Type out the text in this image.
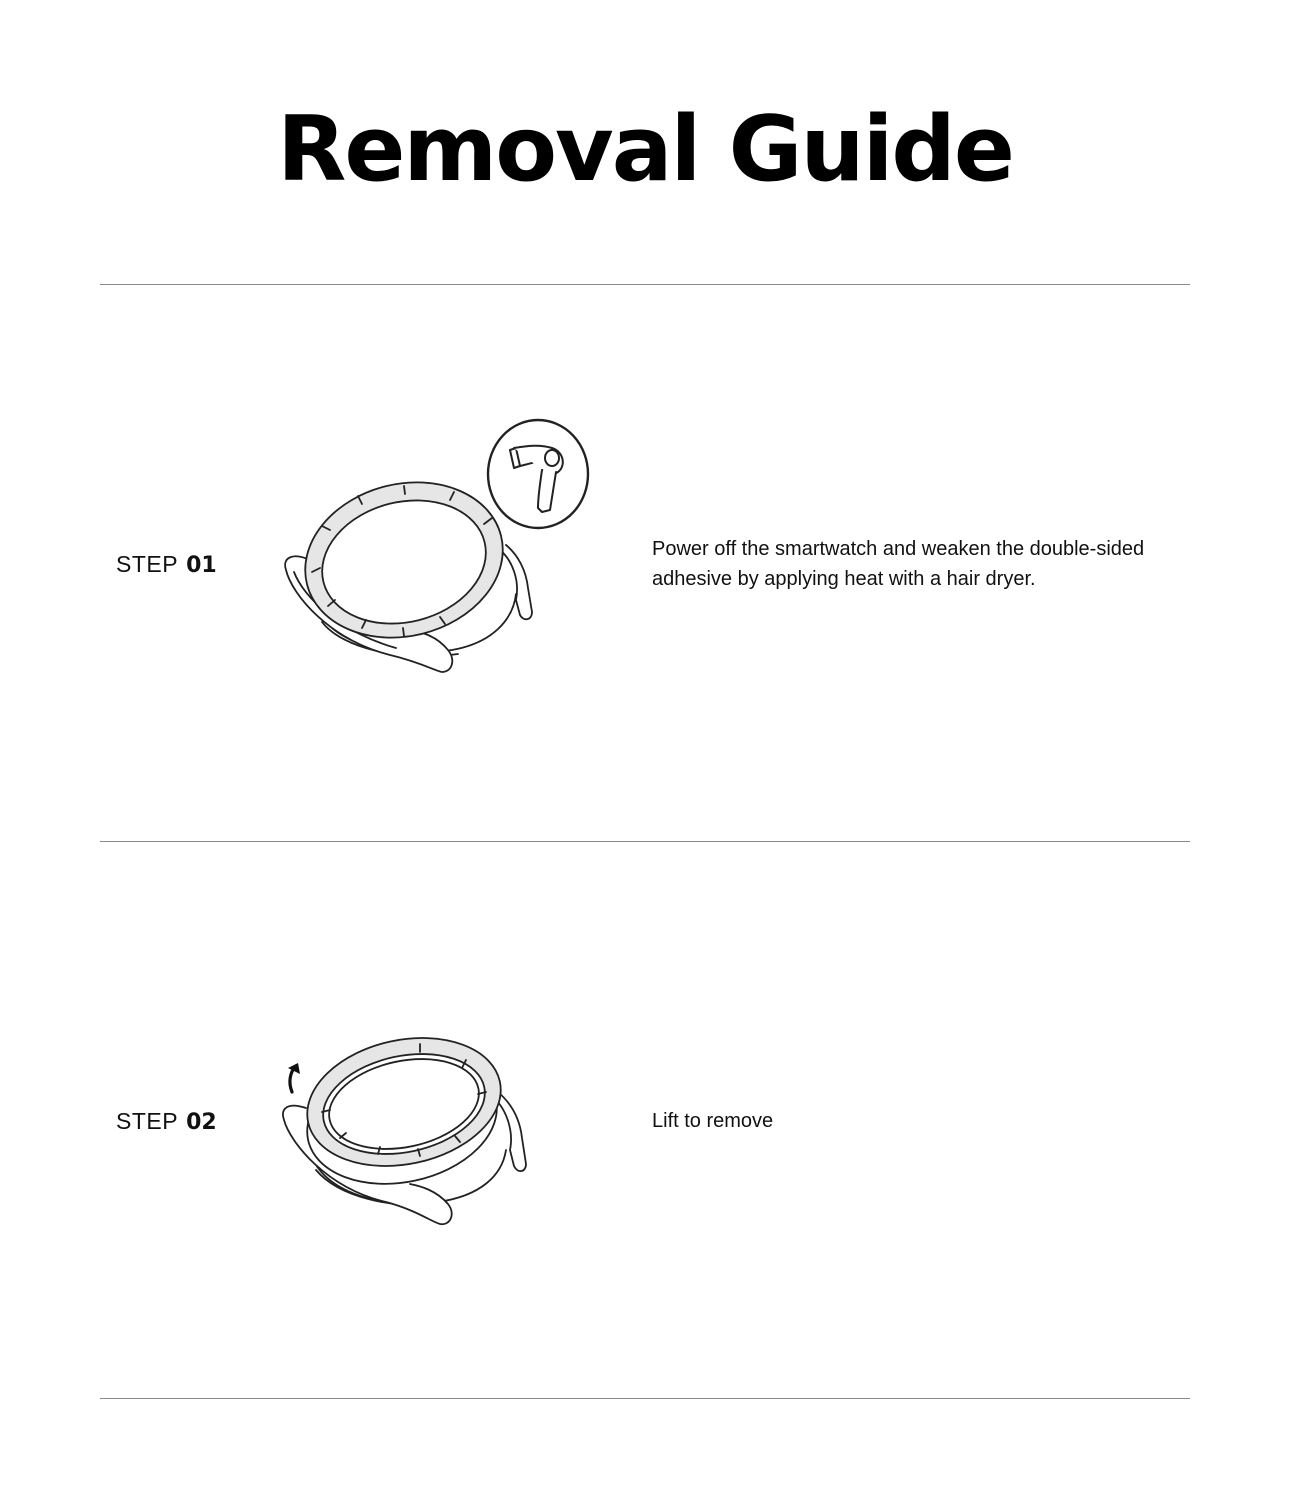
Removal Guide
STEP 01
Power off the smartwatch and weaken the double-sided adhesive by applying heat with a hair dryer.
STEP 02	Lift to remove
